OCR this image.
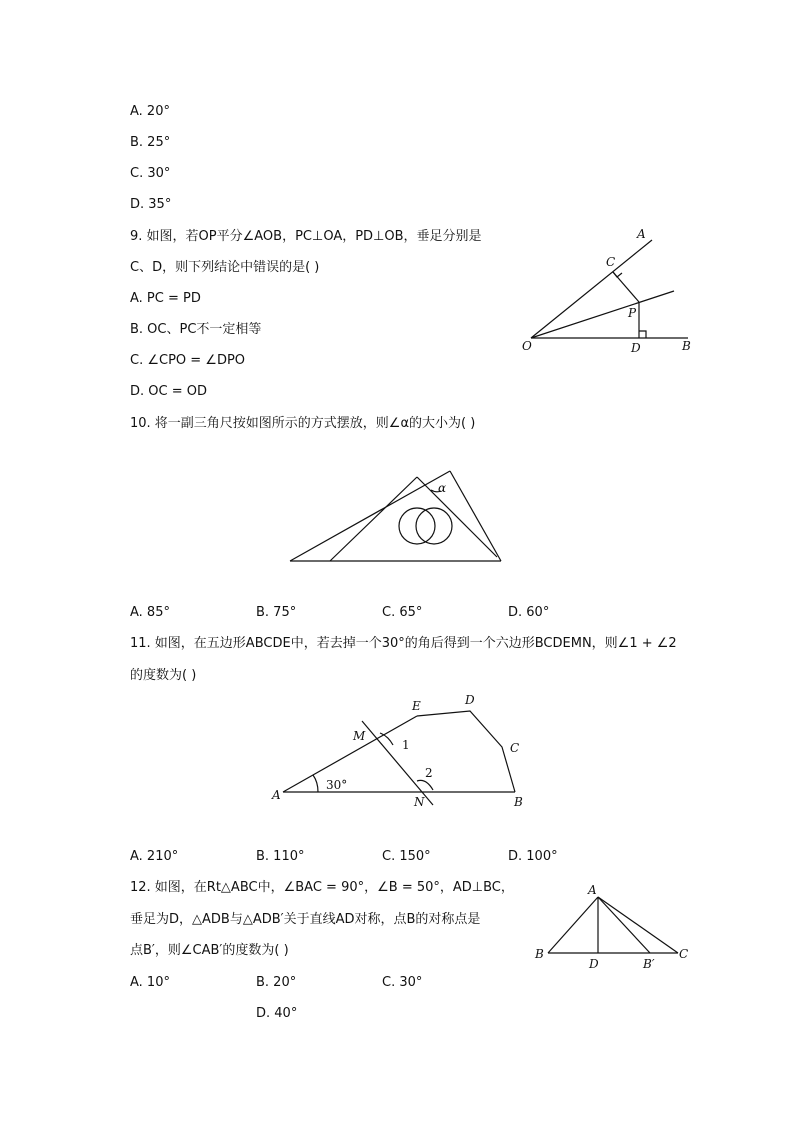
A. 20°
B. 25°
C. 30°
D. 35°
9. 如图，若OP平分∠AOB，PC⊥OA，PD⊥OB，垂足分别是
C、D，则下列结论中错误的是( )
A. PC = PD
B. OC、PC不一定相等
C. ∠CPO = ∠DPO
D. OC = OD
A
C
P
O	D	B
10. 将一副三角尺按如图所示的方式摆放，则∠α的大小为( )
α
A. 85°	B. 75°	C. 65°	D. 60°
11. 如图，在五边形ABCDE中，若去掉一个30°的角后得到一个六边形BCDEMN，则∠1 + ∠2
的度数为( )
A	B
C
D
E
M
N
1
2
30°
A. 210°	B. 110°	C. 150°	D. 100°
12. 如图，在Rt△ABC中，∠BAC = 90°，∠B = 50°，AD⊥BC，
垂足为D，△ADB与△ADB′关于直线AD对称，点B的对称点是
点B′，则∠CAB′的度数为( )
A
B
D	B′
C
A. 10°	B. 20°	C. 30°
D. 40°
